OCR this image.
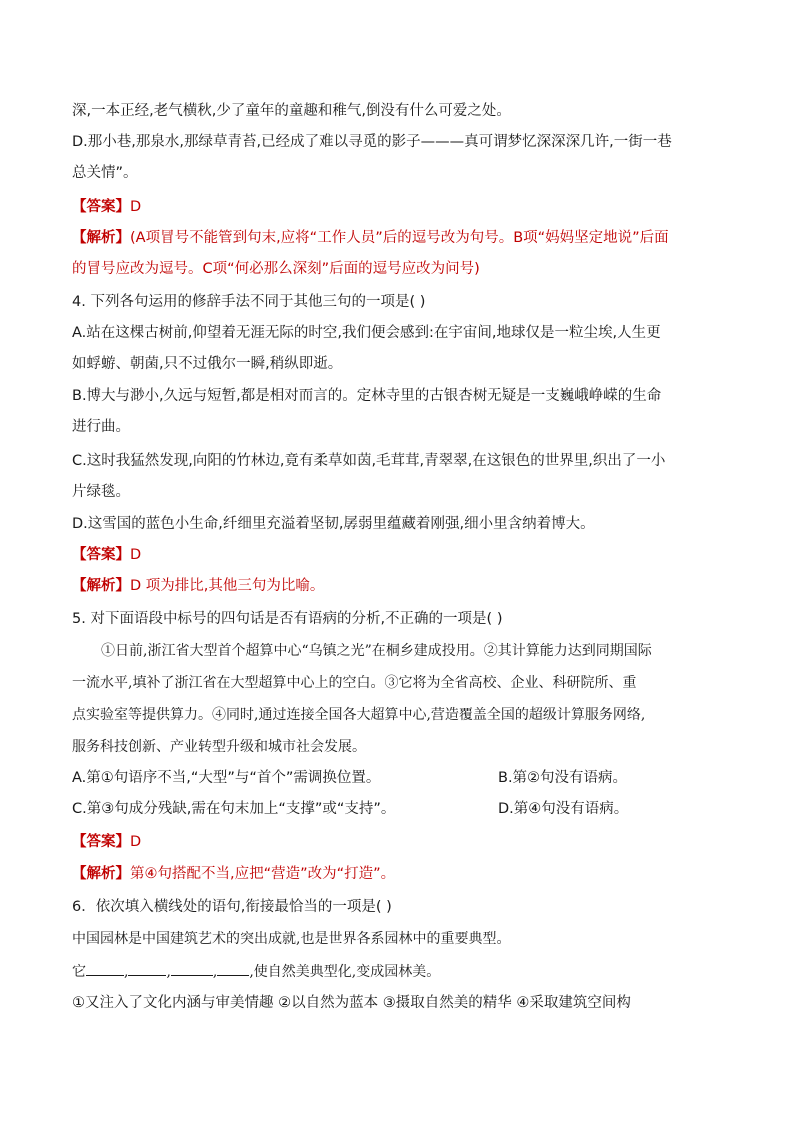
深,一本正经,老气横秋,少了童年的童趣和稚气,倒没有什么可爱之处。
D.那小巷,那泉水,那绿草青苔,已经成了难以寻觅的影子———真可谓梦忆深深深几许,一街一巷
总关情”。
【答案】D
【解析】(A项冒号不能管到句末,应将“工作人员”后的逗号改为句号。B项“妈妈坚定地说”后面
的冒号应改为逗号。C项“何必那么深刻”后面的逗号应改为问号)
4. 下列各句运用的修辞手法不同于其他三句的一项是( )
A.站在这棵古树前,仰望着无涯无际的时空,我们便会感到:在宇宙间,地球仅是一粒尘埃,人生更
如蜉蝣、朝菌,只不过俄尔一瞬,稍纵即逝。
B.博大与渺小,久远与短暂,都是相对而言的。定林寺里的古银杏树无疑是一支巍峨峥嵘的生命
进行曲。
C.这时我猛然发现,向阳的竹林边,竟有柔草如茵,毛茸茸,青翠翠,在这银色的世界里,织出了一小
片绿毯。
D.这雪国的蓝色小生命,纤细里充溢着坚韧,孱弱里蕴藏着刚强,细小里含纳着博大。
【答案】D
【解析】D 项为排比,其他三句为比喻。
5. 对下面语段中标号的四句话是否有语病的分析,不正确的一项是( )
①日前,浙江省大型首个超算中心“乌镇之光”在桐乡建成投用。②其计算能力达到同期国际
一流水平,填补了浙江省在大型超算中心上的空白。③它将为全省高校、企业、科研院所、重
点实验室等提供算力。④同时,通过连接全国各大超算中心,营造覆盖全国的超级计算服务网络,
服务科技创新、产业转型升级和城市社会发展。
A.第①句语序不当,“大型”与“首个”需调换位置。	B.第②句没有语病。
C.第③句成分残缺,需在句末加上“支撑”或“支持”。	D.第④句没有语病。
【答案】D
【解析】第④句搭配不当,应把“营造”改为“打造”。
6．依次填入横线处的语句,衔接最恰当的一项是( )
中国园林是中国建筑艺术的突出成就,也是世界各系园林中的重要典型。
它	,	,	, ,使自然美典型化,变成园林美。
①又注入了文化内涵与审美情趣 ②以自然为蓝本 ③摄取自然美的精华 ④采取建筑空间构
